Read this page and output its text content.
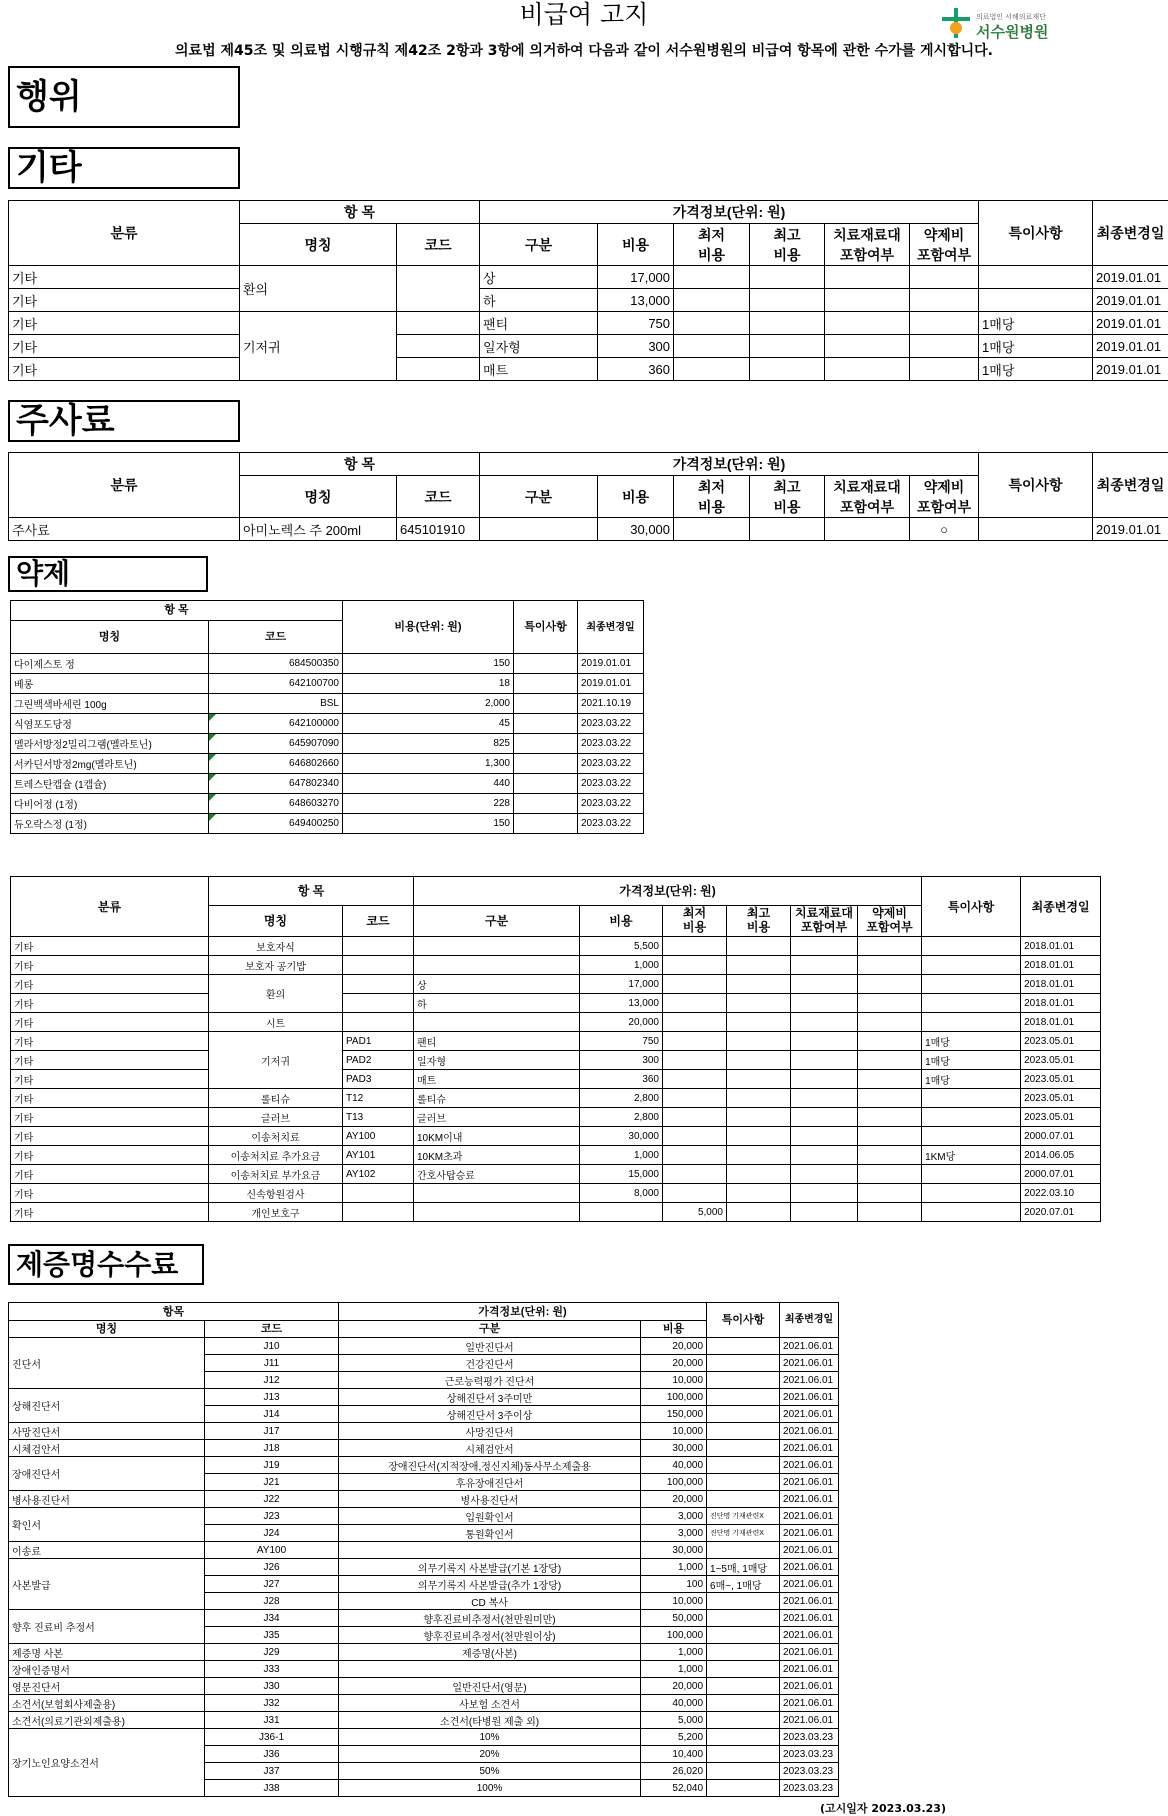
비급여 고지	의료법인 서해의료재단
서수원병원
의료법 제45조 및 의료법 시행규칙 제42조 2항과 3항에 의거하여 다음과 같이 서수원병원의 비급여 항목에 관한 수가를 게시합니다.
행위
기타
분류	항 목		가격정보(단위: 원)						특이사항	최종변경일
	명칭	코드	구분	비용	최저
비용	최고
비용	치료재료대
포함여부	약제비
포함여부		
기타	환의		상	17,000						2019.01.01
기타			하	13,000						2019.01.01
기타	기저귀		팬티	750					1매당	2019.01.01
기타			일자형	300					1매당	2019.01.01
기타			매트	360					1매당	2019.01.01
주사료
분류	항 목		가격정보(단위: 원)						특이사항	최종변경일
	명칭	코드	구분	비용	최저
비용	최고
비용	치료재료대
포함여부	약제비
포함여부		
주사료	아미노렉스 주 200ml	645101910		30,000				○		2019.01.01
약제
항 목		비용(단위: 원)	특이사항	최종변경일
명칭	코드			
다이제스토 정	684500350	150		2019.01.01
베롱	642100700	18		2019.01.01
그린백색바세린 100g	BSL	2,000		2021.10.19
식염포도당정	642100000	45		2023.03.22
멜라서방정2밀리그램(멜라토닌)	645907090	825		2023.03.22
서카딘서방정2mg(멜라토닌)	646802660	1,300		2023.03.22
트레스탄캡슐 (1캡슐)	647802340	440		2023.03.22
다비어정 (1정)	648603270	228		2023.03.22
듀오락스정 (1정)	649400250	150		2023.03.22
분류	항 목		가격정보(단위: 원)						특이사항	최종변경일
	명칭	코드	구분	비용	최저
비용	최고
비용	치료재료대
포함여부	약제비
포함여부		
기타	보호자식			5,500						2018.01.01
기타	보호자 공기밥			1,000						2018.01.01
기타	환의		상	17,000						2018.01.01
기타			하	13,000						2018.01.01
기타	시트			20,000						2018.01.01
기타	기저귀	PAD1	팬티	750					1매당	2023.05.01
기타		PAD2	일자형	300					1매당	2023.05.01
기타		PAD3	매트	360					1매당	2023.05.01
기타	롤티슈	T12	롤티슈	2,800						2023.05.01
기타	글러브	T13	글러브	2,800						2023.05.01
기타	이송처치료	AY100	10KM이내	30,000						2000.07.01
기타	이송처치료 추가요금	AY101	10KM초과	1,000					1KM당	2014.06.05
기타	이송처치료 부가요금	AY102	간호사탑승료	15,000						2000.07.01
기타	신속항원검사			8,000						2022.03.10
기타	개인보호구				5,000					2020.07.01
제증명수수료
항목		가격정보(단위: 원)		특이사항	최종변경일
명칭	코드	구분	비용		
진단서	J10	일반진단서	20,000		2021.06.01
	J11	건강진단서	20,000		2021.06.01
	J12	근로능력평가 진단서	10,000		2021.06.01
상해진단서	J13	상해진단서 3주미만	100,000		2021.06.01
	J14	상해진단서 3주이상	150,000		2021.06.01
사망진단서	J17	사망진단서	10,000		2021.06.01
시체검안서	J18	시체검안서	30,000		2021.06.01
장애진단서	J19	장애진단서(지적장애,정신지체)동사무소제출용	40,000		2021.06.01
	J21	후유장애진단서	100,000		2021.06.01
병사용진단서	J22	병사용진단서	20,000		2021.06.01
확인서	J23	입원확인서	3,000	진단명 기재관련X	2021.06.01
	J24	통원확인서	3,000	진단명 기재관련X	2021.06.01
이송료	AY100		30,000		2021.06.01
사본발급	J26	의무기록지 사본발급(기본 1장당)	1,000	1~5매, 1매당	2021.06.01
	J27	의무기록지 사본발급(추가 1장당)	100	6매~, 1매당	2021.06.01
	J28	CD 복사	10,000		2021.06.01
향후 진료비 추정서	J34	향후진료비추정서(천만원미만)	50,000		2021.06.01
	J35	향후진료비추정서(천만원이상)	100,000		2021.06.01
제증명 사본	J29	제증명(사본)	1,000		2021.06.01
장애인증명서	J33		1,000		2021.06.01
영문진단서	J30	일반진단서(영문)	20,000		2021.06.01
소견서(보험회사제출용)	J32	사보험 소견서	40,000		2021.06.01
소견서(의료기관외제출용)	J31	소견서(타병원 제출 외)	5,000		2021.06.01
장기노인요양소견서	J36-1	10%	5,200		2023.03.23
	J36	20%	10,400		2023.03.23
	J37	50%	26,020		2023.03.23
	J38	100%	52,040		2023.03.23
(고시일자 2023.03.23)
